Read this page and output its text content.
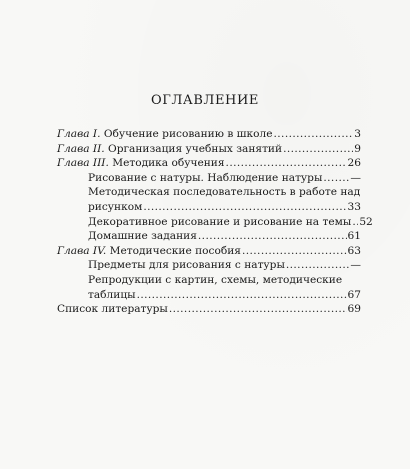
ОГЛАВЛЕНИЕ
Глава I. Обучение рисованию в школе .....	3
Глава II. Организация учебных занятий .....	9
Глава III. Методика обучения .....	26
Рисование с натуры. Наблюдение натуры .....	—
Методическая последовательность в работе над
рисунком .....	33
Декоративное рисование и рисование на темы ..... 52
Домашние задания .....	61
Глава IV. Методические пособия .....	63
Предметы для рисования с натуры .....	—
Репродукции с картин, схемы, методические
таблицы .....	67
Список литературы .....	69
